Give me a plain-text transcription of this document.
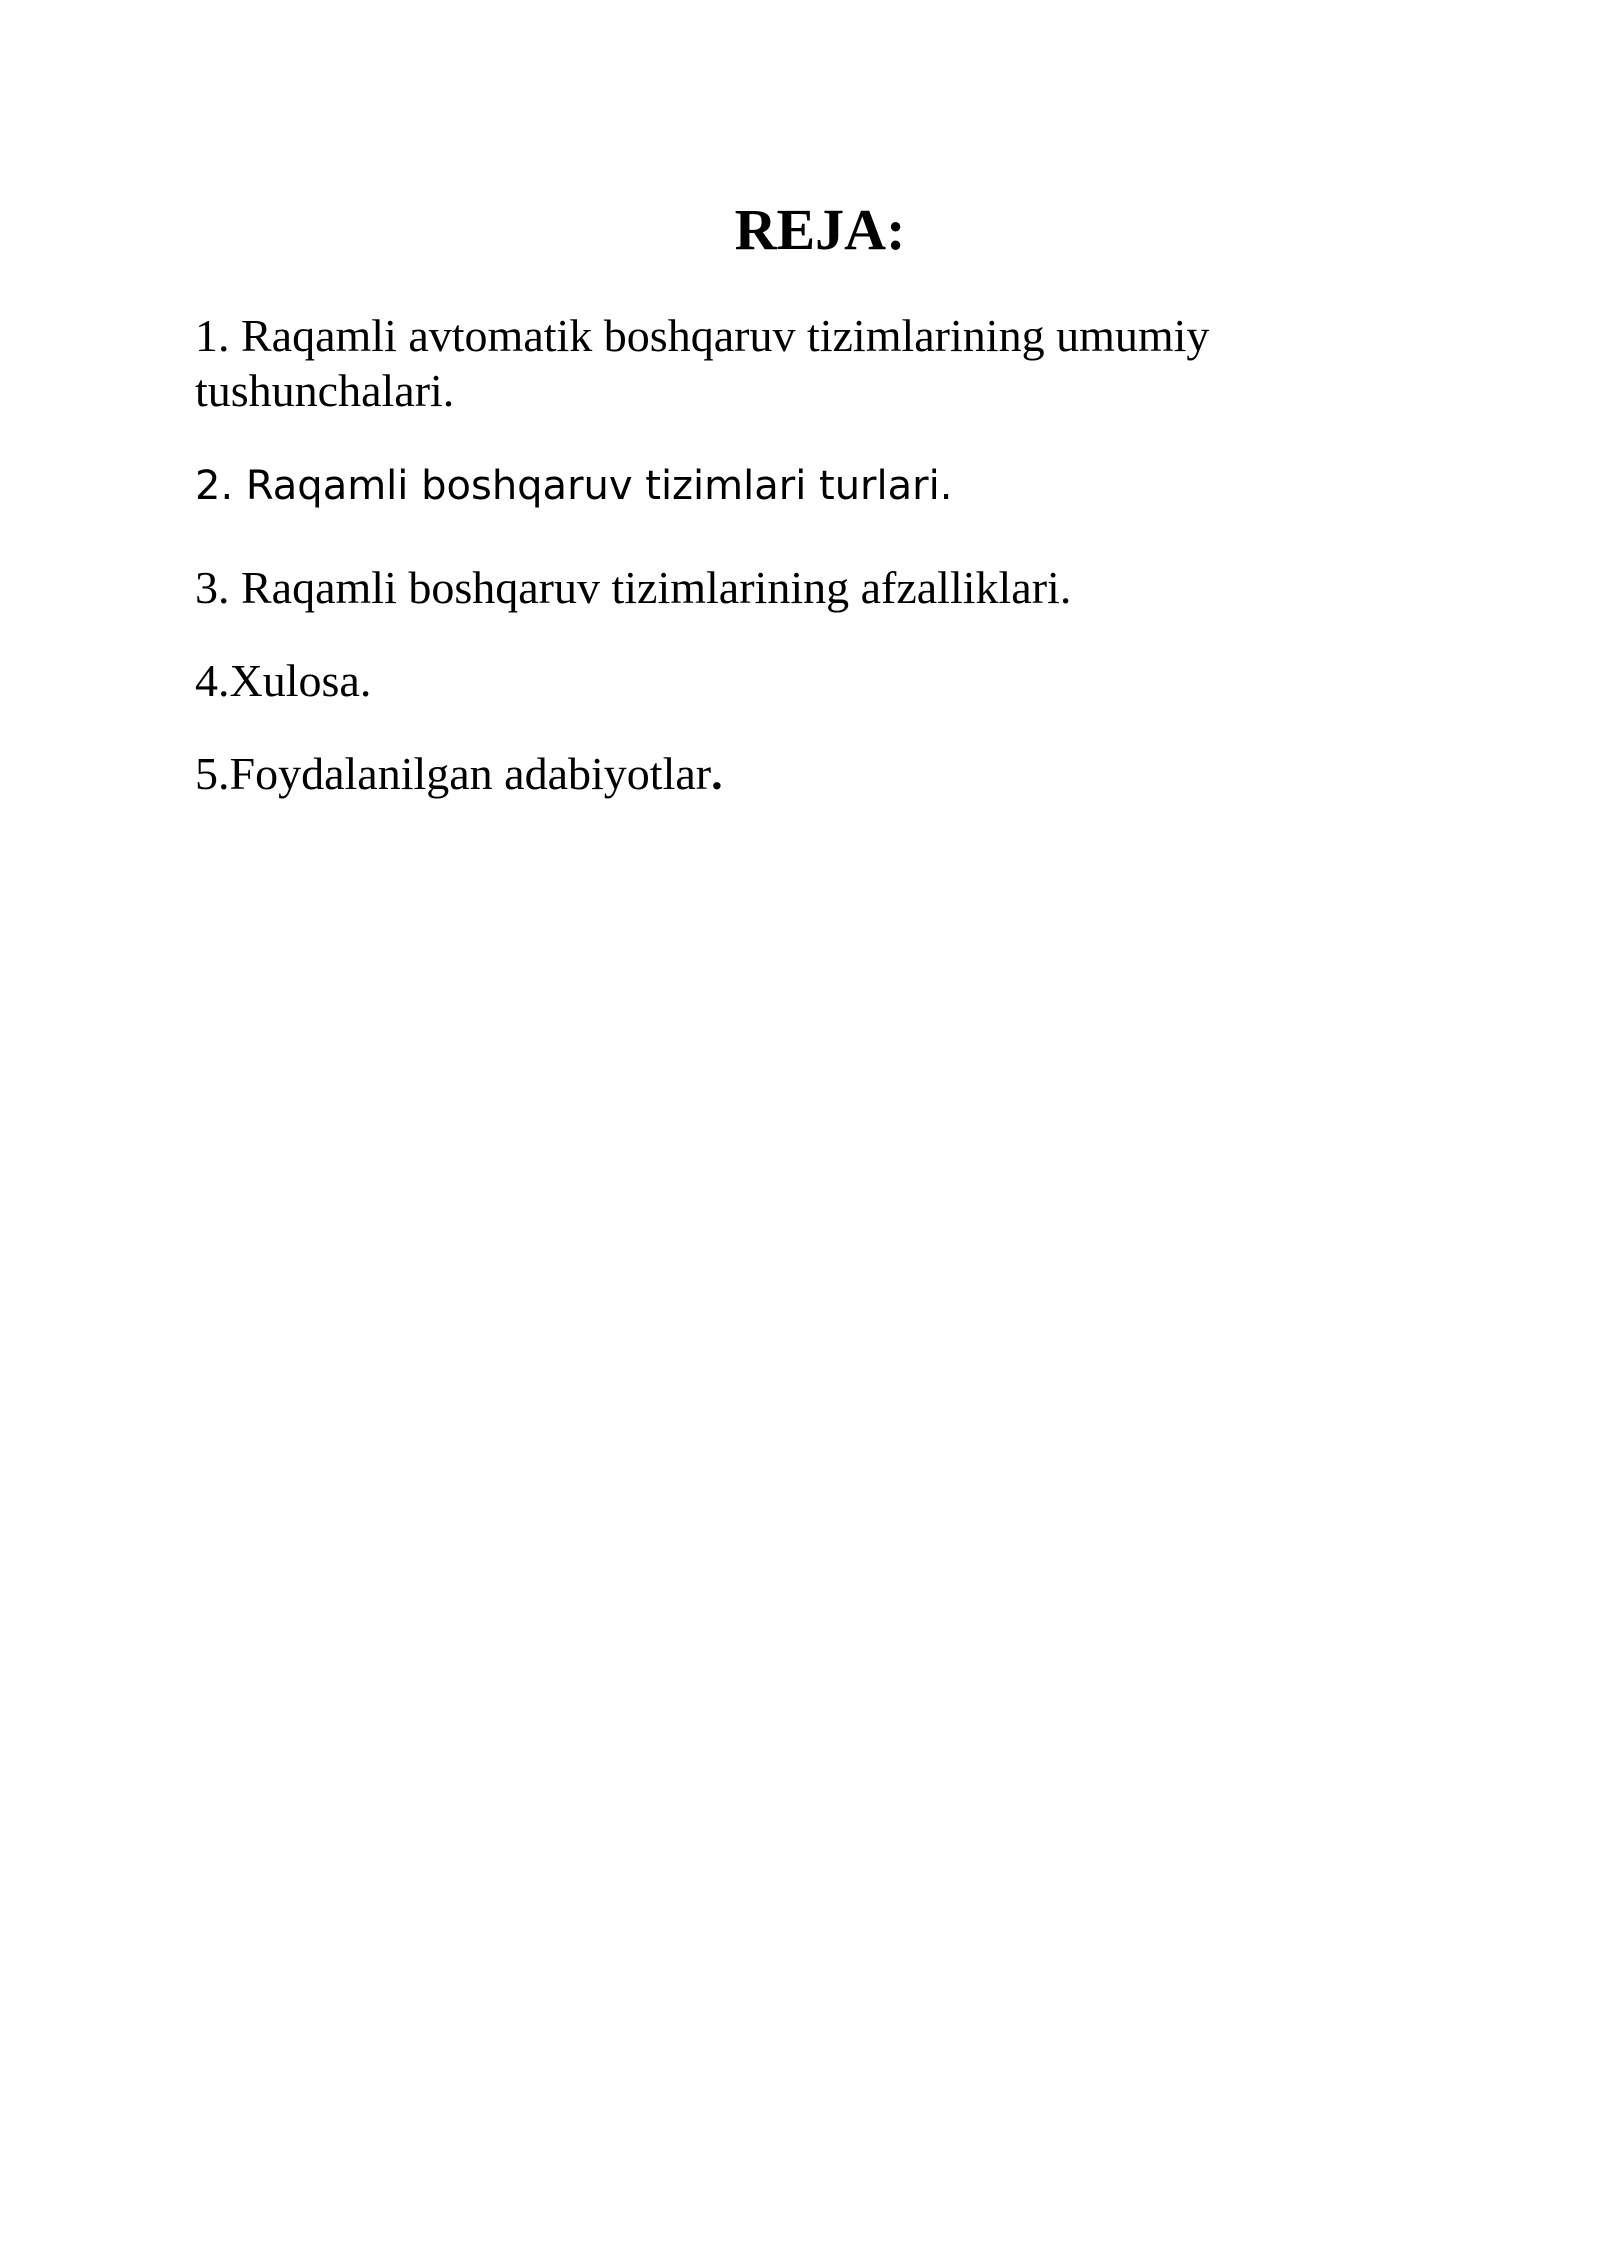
REJA:

1. Raqamli avtomatik boshqaruv tizimlarining umumiy tushunchalari.

2. Raqamli boshqaruv tizimlari turlari.

3. Raqamli boshqaruv tizimlarining afzalliklari.

4.Xulosa.

5.Foydalanilgan adabiyotlar.
